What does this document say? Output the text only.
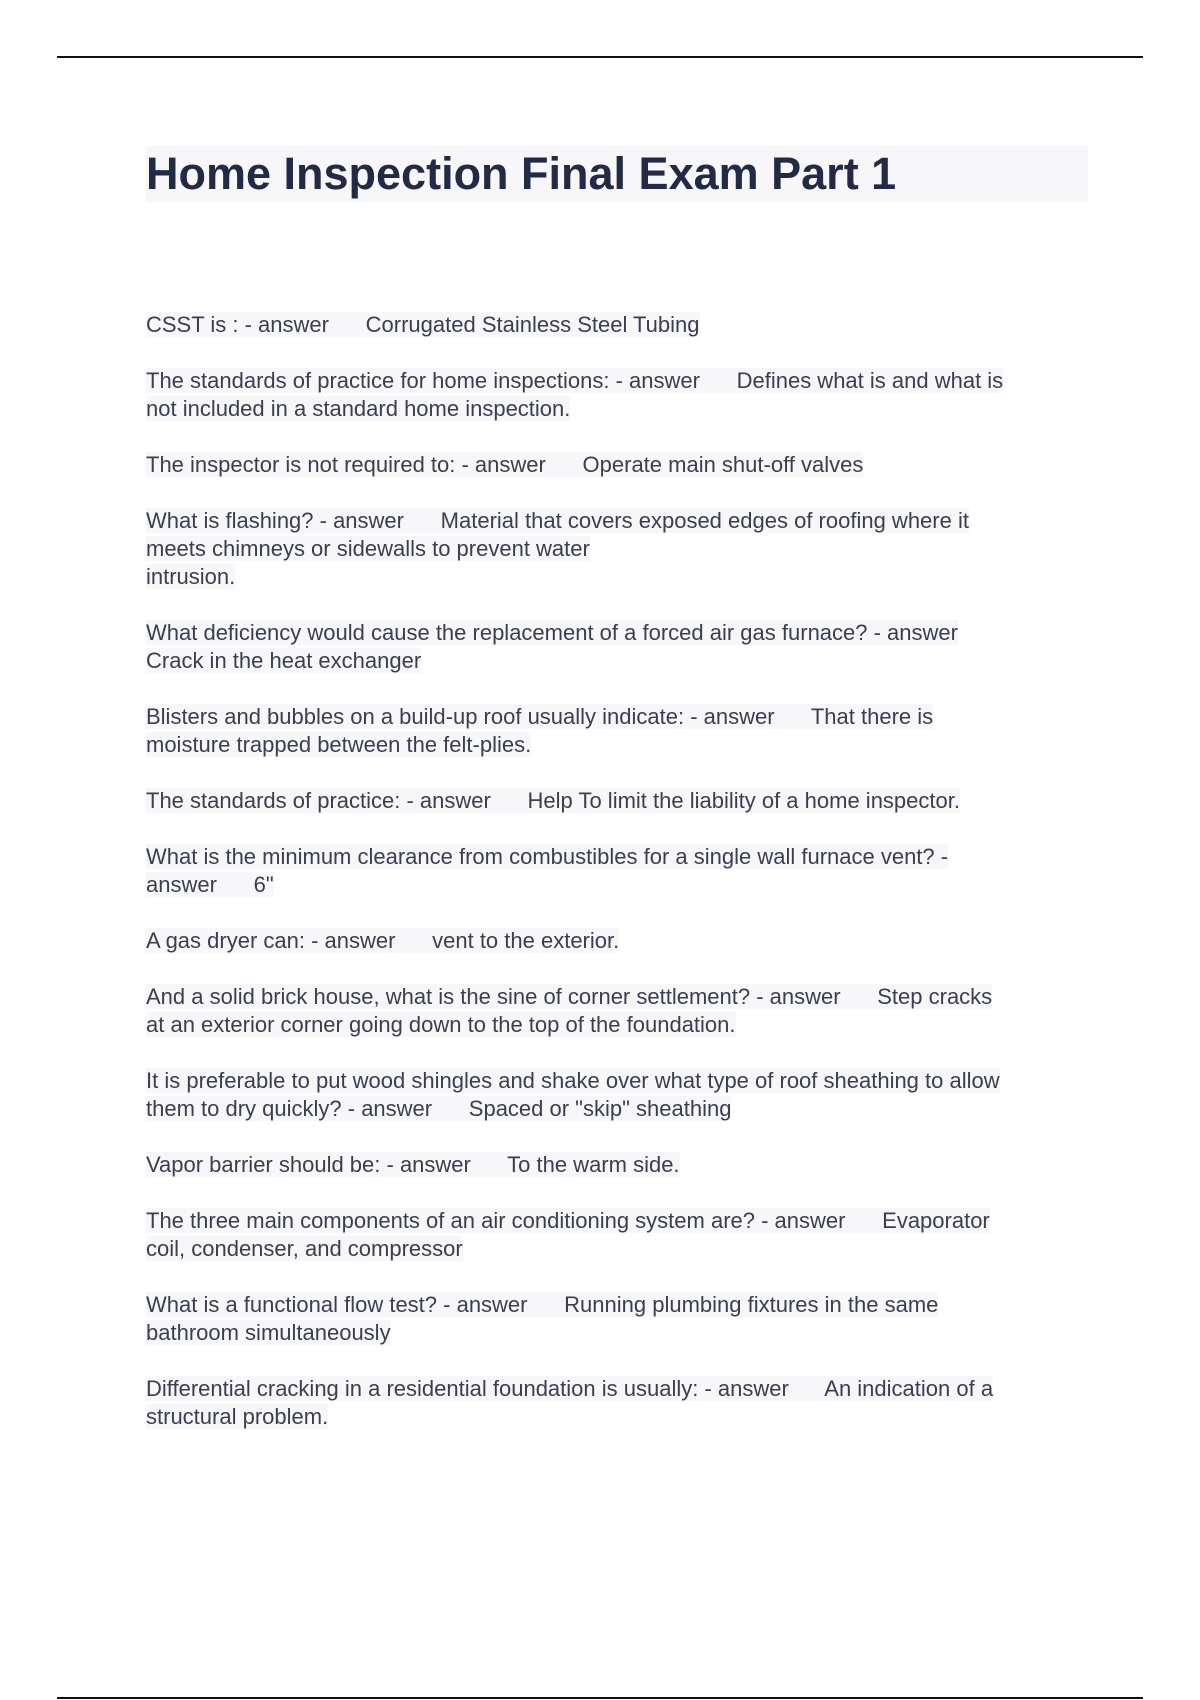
Home Inspection Final Exam Part 1
CSST is : - answer      Corrugated Stainless Steel Tubing
The standards of practice for home inspections: - answer      Defines what is and what is
not included in a standard home inspection.
The inspector is not required to: - answer      Operate main shut-off valves
What is flashing? - answer      Material that covers exposed edges of roofing where it
meets chimneys or sidewalls to prevent water
intrusion.
What deficiency would cause the replacement of a forced air gas furnace? - answer
Crack in the heat exchanger
Blisters and bubbles on a build-up roof usually indicate: - answer      That there is
moisture trapped between the felt-plies.
The standards of practice: - answer      Help To limit the liability of a home inspector.
What is the minimum clearance from combustibles for a single wall furnace vent? -
answer      6"
A gas dryer can: - answer      vent to the exterior.
And a solid brick house, what is the sine of corner settlement? - answer      Step cracks
at an exterior corner going down to the top of the foundation.
It is preferable to put wood shingles and shake over what type of roof sheathing to allow
them to dry quickly? - answer      Spaced or "skip" sheathing
Vapor barrier should be: - answer      To the warm side.
The three main components of an air conditioning system are? - answer      Evaporator
coil, condenser, and compressor
What is a functional flow test? - answer      Running plumbing fixtures in the same
bathroom simultaneously
Differential cracking in a residential foundation is usually: - answer      An indication of a
structural problem.
